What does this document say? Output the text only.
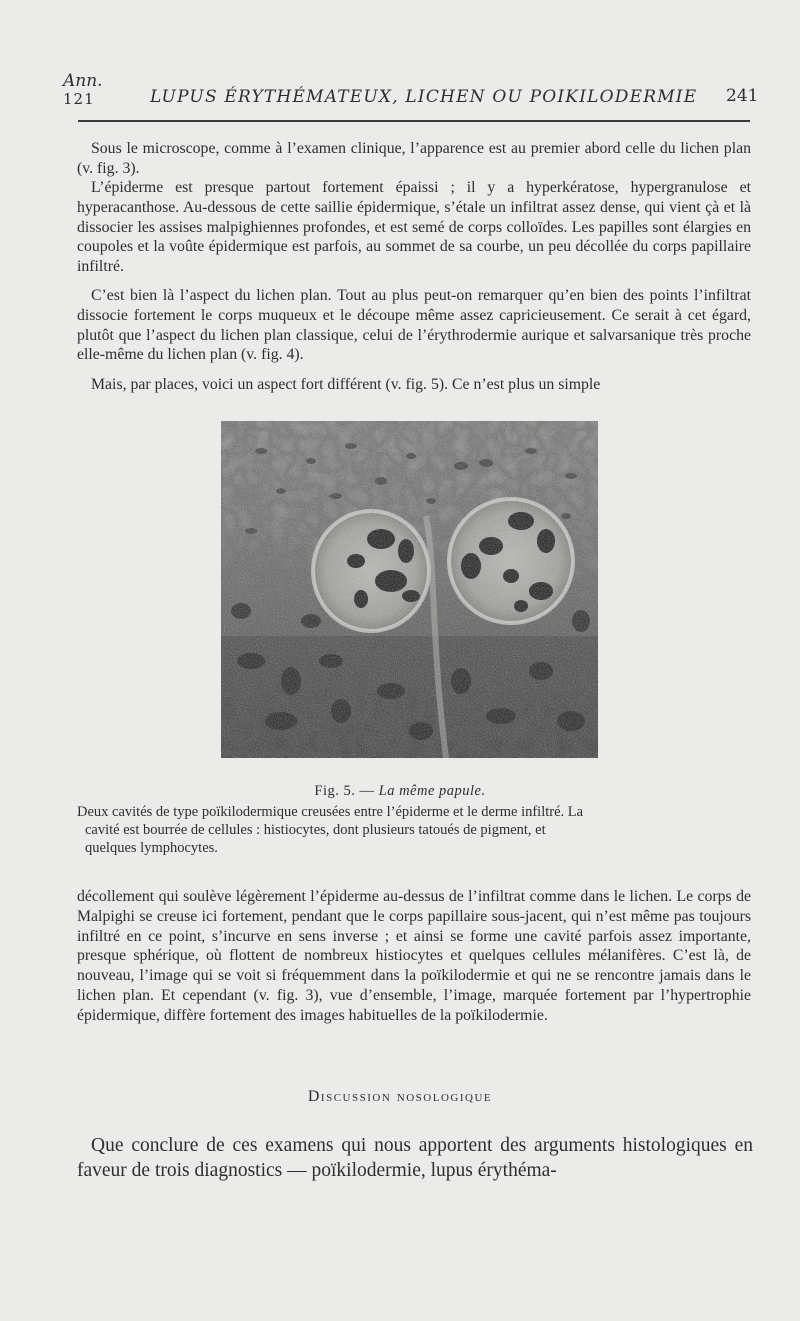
Ann.
121	LUPUS ÉRYTHÉMATEUX, LICHEN OU POIKILODERMIE 241

Sous le microscope, comme à l’examen clinique, l’apparence est au premier abord celle du lichen plan (v. fig. 3).

L’épiderme est presque partout fortement épaissi ; il y a hyperkératose, hypergranulose et hyperacanthose. Au-dessous de cette saillie épidermique, s’étale un infiltrat assez dense, qui vient çà et là dissocier les assises malpighiennes profondes, et est semé de corps colloïdes. Les papilles sont élargies en coupoles et la voûte épidermique est parfois, au sommet de sa courbe, un peu décollée du corps papillaire infiltré.

C’est bien là l’aspect du lichen plan. Tout au plus peut-on remarquer qu’en bien des points l’infiltrat dissocie fortement le corps muqueux et le découpe même assez capricieusement. Ce serait à cet égard, plutôt que l’aspect du lichen plan classique, celui de l’érythrodermie aurique et salvarsanique très proche elle-même du lichen plan (v. fig. 4).

Mais, par places, voici un aspect fort différent (v. fig. 5). Ce n’est plus un simple

Fig. 5. — La même papule.
Deux cavités de type poïkilodermique creusées entre l’épiderme et le derme infiltré. La
cavité est bourrée de cellules : histiocytes, dont plusieurs tatoués de pigment, et
quelques lymphocytes.

décollement qui soulève légèrement l’épiderme au-dessus de l’infiltrat comme dans le lichen. Le corps de Malpighi se creuse ici fortement, pendant que le corps papillaire sous-jacent, qui n’est même pas toujours infiltré en ce point, s’incurve en sens inverse ; et ainsi se forme une cavité parfois assez importante, presque sphérique, où flottent de nombreux histiocytes et quelques cellules mélanifères. C’est là, de nouveau, l’image qui se voit si fréquemment dans la poïkilodermie et qui ne se rencontre jamais dans le lichen plan. Et cependant (v. fig. 3), vue d’ensemble, l’image, marquée fortement par l’hypertrophie épidermique, diffère fortement des images habituelles de la poïkilodermie.

Discussion nosologique

Que conclure de ces examens qui nous apportent des arguments histologiques en faveur de trois diagnostics — poïkilodermie, lupus érythéma-
